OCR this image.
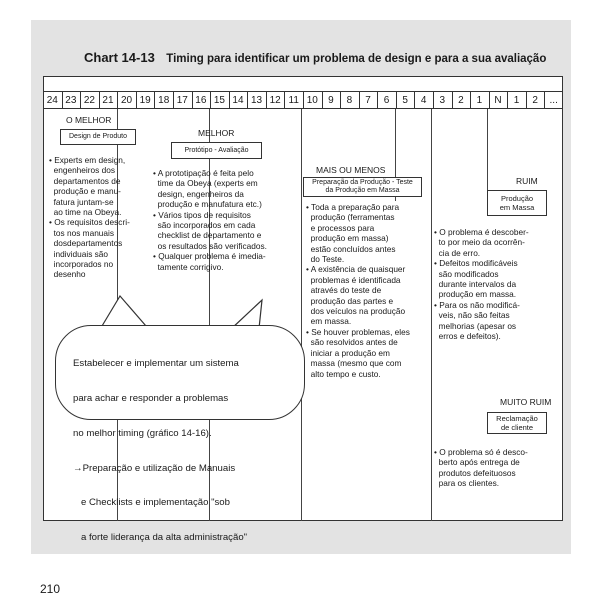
Chart 14-13 Timing para identificar um problema de design e para a sua avaliação
24 23 22 21 20 19 18 17 16 15 14 13 12 11 10	9	8	7	6	5	4	3	2	1	N	1	2	...
O MELHOR
Design de Produto
• Experts em design,
engenheiros dos
departamentos de
produção e manu-
fatura juntam-se
ao time na Obeya.
• Os requisitos descri-
tos nos manuais
dosdepartamentos
individuais são
incorporados no
desenho
MELHOR
Protótipo - Avaliação
• A prototipação é feita pelo
time da Obeya (experts em
design, engenheiros da
produção e manufatura etc.)
• Vários tipos de requisitos
são incorporados em cada
checklist de departamento e
os resultados são verificados.
• Qualquer problema é imedia-
tamente corrigivo.
MAIS OU MENOS
Preparação da Produção - Teste
da Produção em Massa
• Toda a preparação para
produção (ferramentas
e processos para
produção em massa)
estão concluídos antes
do Teste.
• A existência de quaisquer
problemas é identificada
através do teste de
produção das partes e
dos veículos na produção
em massa.
• Se houver problemas, eles
são resolvidos antes de
iniciar a produção em
massa (mesmo que com
alto tempo e custo.
RUIM
Produção
em Massa
• O problema é descober-
to por meio da ocorrên-
cia de erro.
• Defeitos modificáveis
são modificados
durante intervalos da
produção em massa.
• Para os não modificá-
veis, não são feitas
melhorias (apesar os
erros e defeitos).
MUITO RUIM
Reclamação
de cliente
• O problema só é desco-
berto após entrega de
produtos defeituosos
para os clientes.

Estabelecer e implementar um sistema

para achar e responder a problemas

no melhor timing (gráfico 14-16).

→Preparação e utilização de Manuais

e Checklists e implementação "sob

a forte liderança da alta administração"

210
